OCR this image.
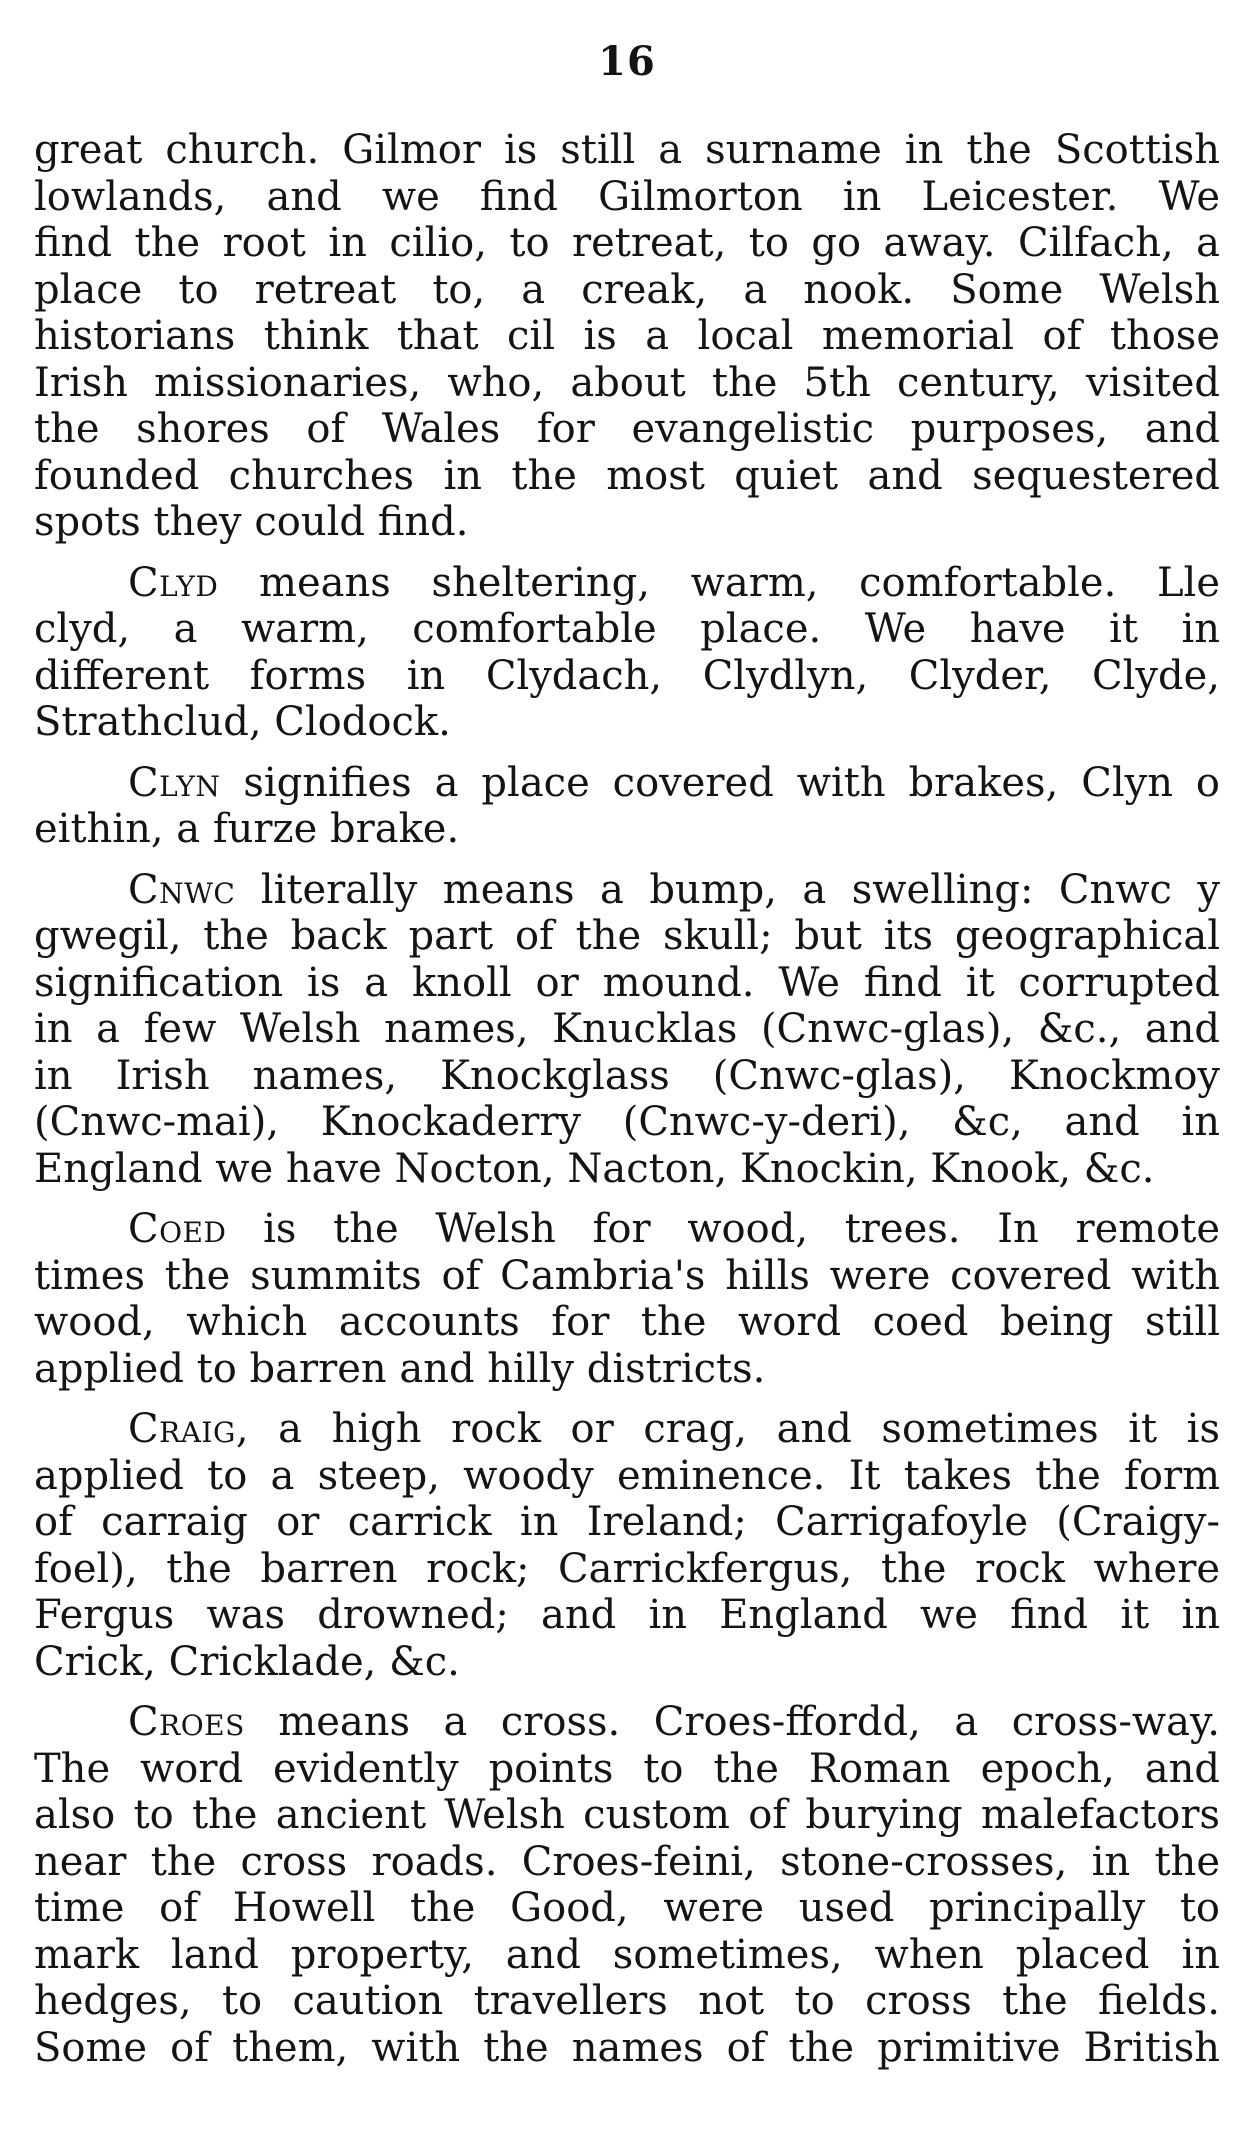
16

great church. Gilmor is still a surname in the Scottish
lowlands, and we find Gilmorton in Leicester. We
find the root in cilio, to retreat, to go away. Cilfach, a
place to retreat to, a creak, a nook. Some Welsh
historians think that cil is a local memorial of those
Irish missionaries, who, about the 5th century, visited
the shores of Wales for evangelistic purposes, and
founded churches in the most quiet and sequestered
spots they could find.

Clyd means sheltering, warm, comfortable. Lle
clyd, a warm, comfortable place. We have it in
different forms in Clydach, Clydlyn, Clyder, Clyde,
Strathclud, Clodock.

Clyn signifies a place covered with brakes, Clyn o
eithin, a furze brake.

Cnwc literally means a bump, a swelling: Cnwc y
gwegil, the back part of the skull; but its geographical
signification is a knoll or mound. We find it corrupted
in a few Welsh names, Knucklas (Cnwc-glas), &c., and
in Irish names, Knockglass (Cnwc-glas), Knockmoy
(Cnwc-mai), Knockaderry (Cnwc-y-deri), &c, and in
England we have Nocton, Nacton, Knockin, Knook, &c.

Coed is the Welsh for wood, trees. In remote
times the summits of Cambria's hills were covered with
wood, which accounts for the word coed being still
applied to barren and hilly districts.

Craig, a high rock or crag, and sometimes it is
applied to a steep, woody eminence. It takes the form
of carraig or carrick in Ireland; Carrigafoyle (Craigy-
foel), the barren rock; Carrickfergus, the rock where
Fergus was drowned; and in England we find it in
Crick, Cricklade, &c.

Croes means a cross. Croes-ffordd, a cross-way.
The word evidently points to the Roman epoch, and
also to the ancient Welsh custom of burying malefactors
near the cross roads. Croes-feini, stone-crosses, in the
time of Howell the Good, were used principally to
mark land property, and sometimes, when placed in
hedges, to caution travellers not to cross the fields.
Some of them, with the names of the primitive British
